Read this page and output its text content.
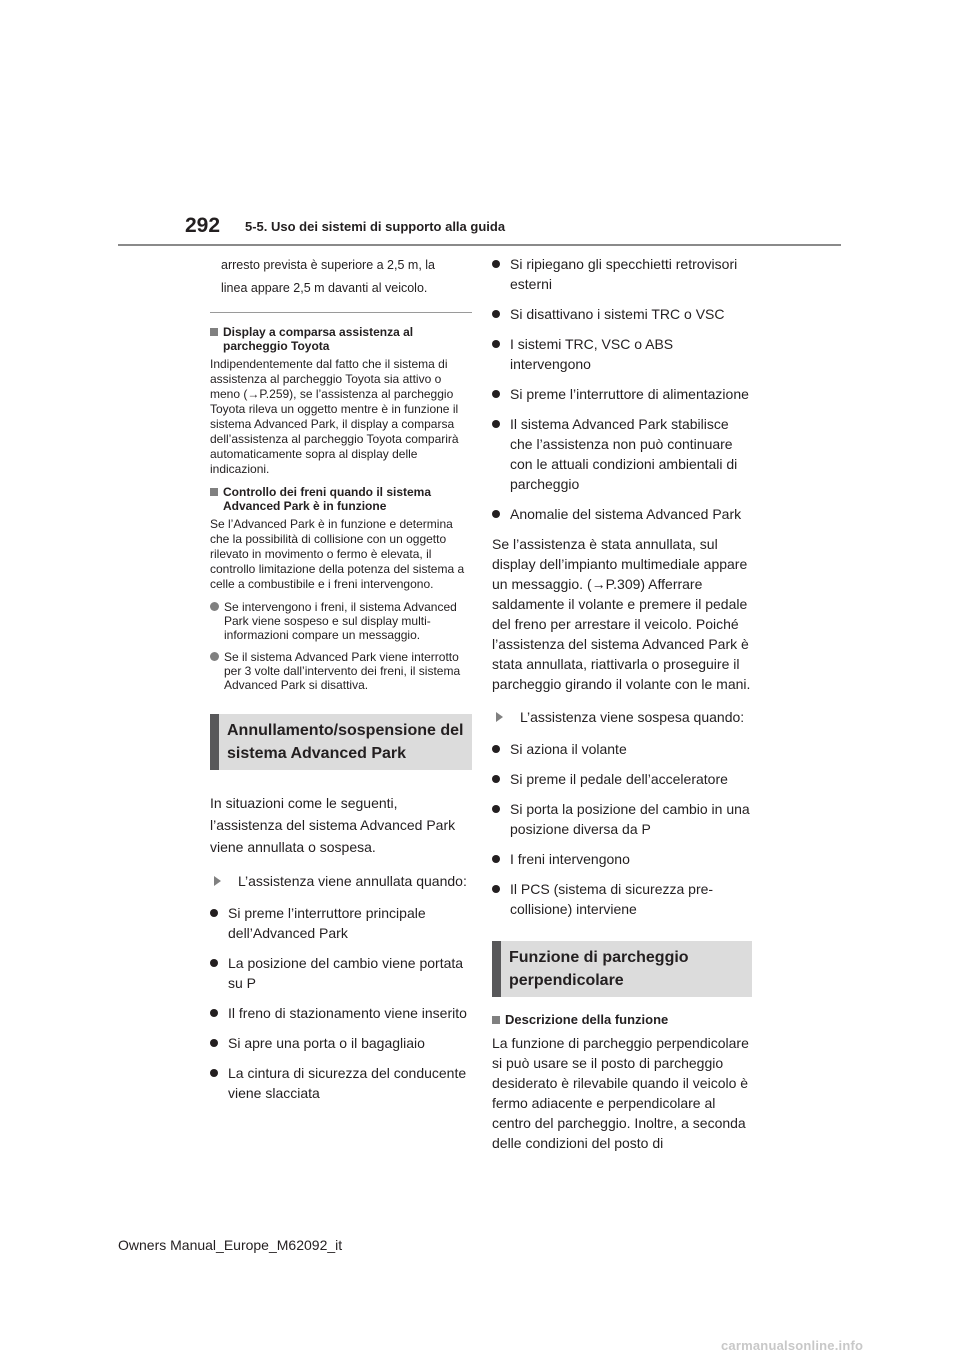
292 5-5. Uso dei sistemi di supporto alla guida

arresto prevista è superiore a 2,5 m, la
linea appare 2,5 m davanti al veicolo.

Display a comparsa assistenza al parcheggio Toyota

Indipendentemente dal fatto che il sistema di assistenza al parcheggio Toyota sia attivo o meno (→P.259), se l’assistenza al parcheggio Toyota rileva un oggetto mentre è in funzione il sistema Advanced Park, il display a comparsa dell’assistenza al parcheggio Toyota comparirà automaticamente sopra al display delle indicazioni.

Controllo dei freni quando il sistema Advanced Park è in funzione

Se l’Advanced Park è in funzione e determina che la possibilità di collisione con un oggetto rilevato in movimento o fermo è elevata, il controllo limitazione della potenza del sistema a celle a combustibile e i freni intervengono.

Se intervengono i freni, il sistema Advanced Park viene sospeso e sul display multi-informazioni compare un messaggio.
Se il sistema Advanced Park viene interrotto per 3 volte dall’intervento dei freni, il sistema Advanced Park si disattiva.
Annullamento/sospensione del sistema Advanced Park

In situazioni come le seguenti, l’assistenza del sistema Advanced Park viene annullata o sospesa.

L’assistenza viene annullata quando:
Si preme l’interruttore principale dell’Advanced Park
La posizione del cambio viene portata su P
Il freno di stazionamento viene inserito
Si apre una porta o il bagagliaio
La cintura di sicurezza del conducente viene slacciata
Si ripiegano gli specchietti retrovisori esterni
Si disattivano i sistemi TRC o VSC
I sistemi TRC, VSC o ABS intervengono
Si preme l’interruttore di alimentazione
Il sistema Advanced Park stabilisce che l’assistenza non può continuare con le attuali condizioni ambientali di parcheggio
Anomalie del sistema Advanced Park

Se l’assistenza è stata annullata, sul display dell’impianto multimediale appare un messaggio. (→P.309) Afferrare saldamente il volante e premere il pedale del freno per arrestare il veicolo. Poiché l’assistenza del sistema Advanced Park è stata annullata, riattivarla o proseguire il parcheggio girando il volante con le mani.

L’assistenza viene sospesa quando:
Si aziona il volante
Si preme il pedale dell’acceleratore
Si porta la posizione del cambio in una posizione diversa da P
I freni intervengono
Il PCS (sistema di sicurezza pre-collisione) interviene
Funzione di parcheggio perpendicolare
Descrizione della funzione

La funzione di parcheggio perpendicolare si può usare se il posto di parcheggio desiderato è rilevabile quando il veicolo è fermo adiacente e perpendicolare al centro del parcheggio. Inoltre, a seconda delle condizioni del posto di

Owners Manual_Europe_M62092_it
carmanualsonline.info
